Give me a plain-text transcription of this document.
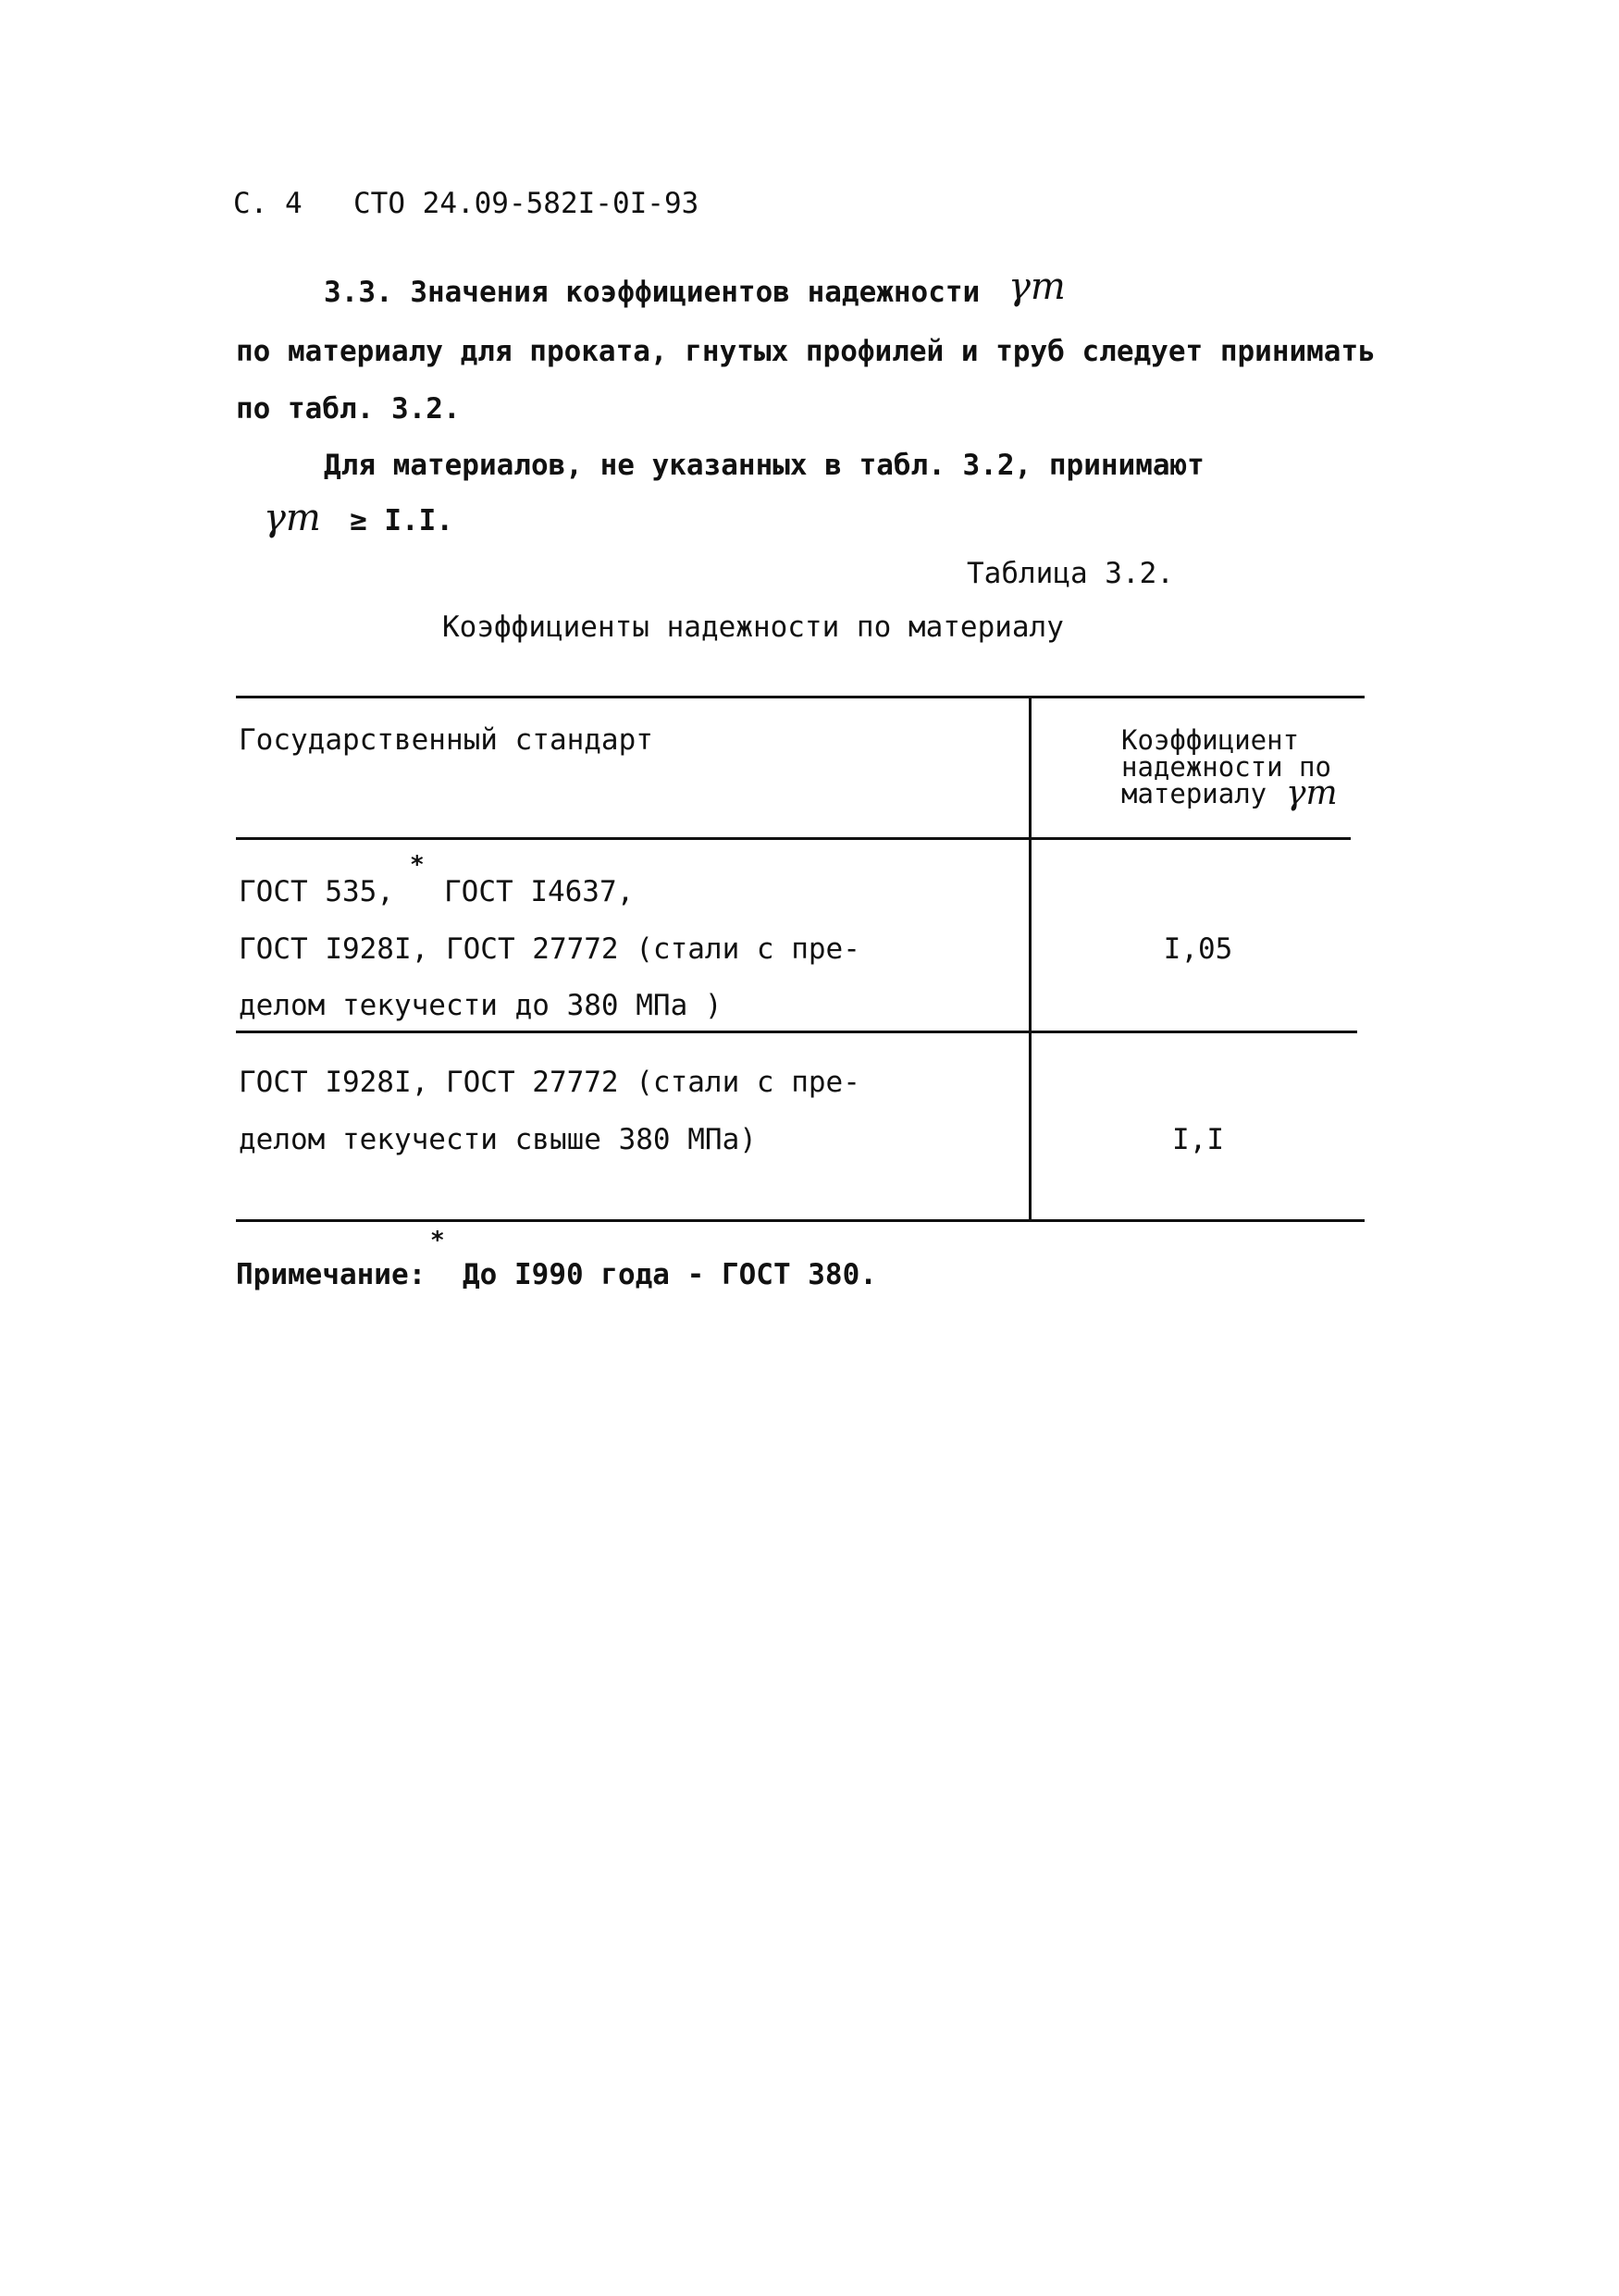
С. 4 СТО 24.09-582I-0I-93
3.3. Значения коэффициентов надежности γm
по материалу для проката, гнутых профилей и труб следует принимать
по табл. 3.2.
Для материалов, не указанных в табл. 3.2, принимают
γm ≥ I.I.
Таблица 3.2.
Коэффициенты надежности по материалу
Государственный стандарт	Коэффициент
надежности по
материалу γm
*
ГОСТ 535, ГОСТ I4637,
ГОСТ I928I, ГОСТ 27772 (стали с пре-
делом текучести до 380 МПа )
I,05
ГОСТ I928I, ГОСТ 27772 (стали с пре-
делом текучести свыше 380 МПа)	I,I
*
Примечание: До I990 года - ГОСТ 380.
